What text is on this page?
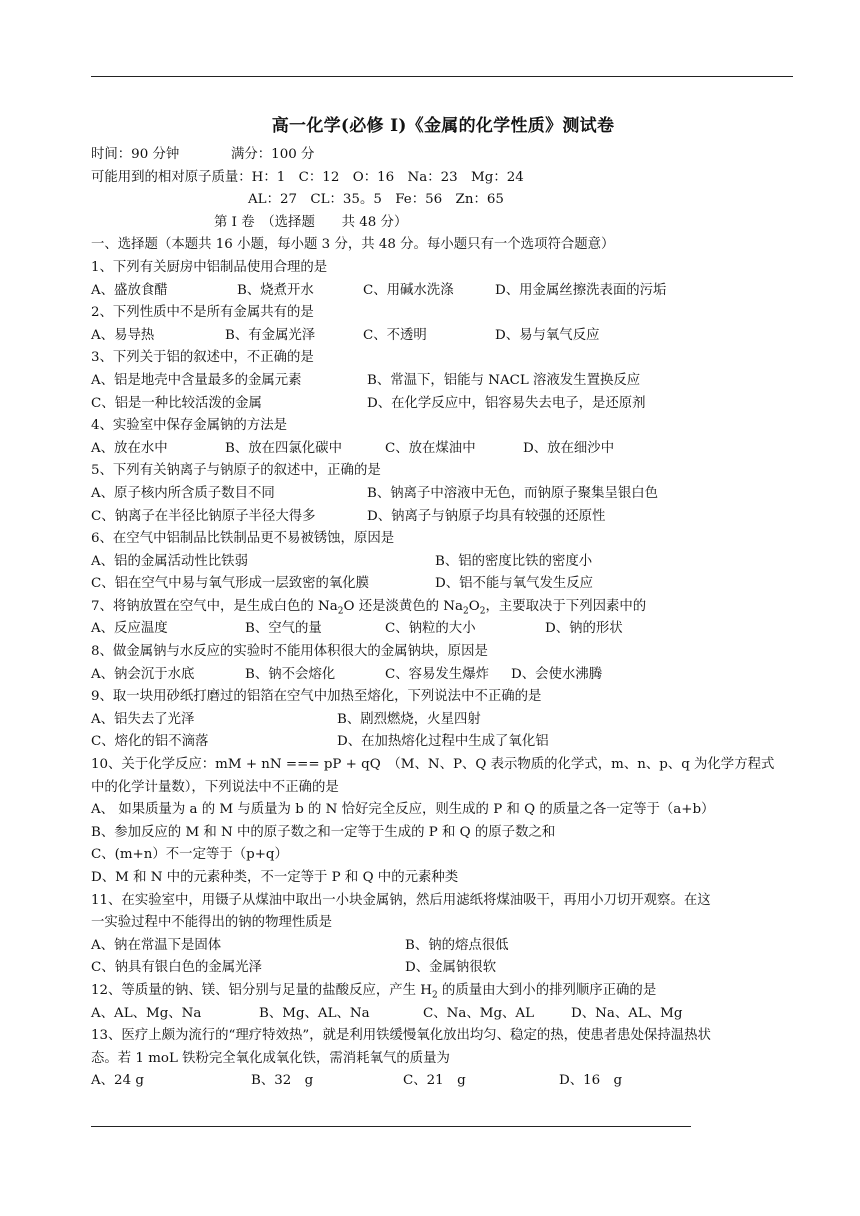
高一化学(必修 I)《金属的化学性质》测试卷
时间：90 分钟	满分：100 分
可能用到的相对原子质量：H：1　C：12　O：16　Na：23　Mg：24
AL：27　CL：35。5　Fe：56　Zn：65
第 I 卷　（选择题　　共 48 分）
一、选择题（本题共 16 小题，每小题 3 分，共 48 分。每小题只有一个选项符合题意）
1、下列有关厨房中铝制品使用合理的是
A、盛放食醋	B、烧煮开水	C、用碱水洗涤	D、用金属丝擦洗表面的污垢
2、下列性质中不是所有金属共有的是
A、易导热	B、有金属光泽	C、不透明	D、易与氧气反应
3、下列关于铝的叙述中，不正确的是
A、铝是地壳中含量最多的金属元素	B、常温下，铝能与 NACL 溶液发生置换反应
C、铝是一种比较活泼的金属	D、在化学反应中，铝容易失去电子，是还原剂
4、实验室中保存金属钠的方法是
A、放在水中	B、放在四氯化碳中	C、放在煤油中	D、放在细沙中
5、下列有关钠离子与钠原子的叙述中，正确的是
A、原子核内所含质子数目不同	B、钠离子中溶液中无色，而钠原子聚集呈银白色
C、钠离子在半径比钠原子半径大得多	D、钠离子与钠原子均具有较强的还原性
6、在空气中铝制品比铁制品更不易被锈蚀，原因是
A、铝的金属活动性比铁弱	B、铝的密度比铁的密度小
C、铝在空气中易与氧气形成一层致密的氧化膜	D、铝不能与氧气发生反应
7、将钠放置在空气中，是生成白色的 $Na_2O$ 还是淡黄色的 $Na_2O_2$，主要取决于下列因素中的
A、反应温度	B、空气的量	C、钠粒的大小	D、钠的形状
8、做金属钠与水反应的实验时不能用体积很大的金属钠块，原因是
A、钠会沉于水底	B、钠不会熔化	C、容易发生爆炸 D、会使水沸腾
9、取一块用砂纸打磨过的铝箔在空气中加热至熔化，下列说法中不正确的是
A、铝失去了光泽	B、剧烈燃烧，火星四射
C、熔化的铝不滴落	D、在加热熔化过程中生成了氧化铝
10、关于化学反应：mM + nN === pP + qQ　（M、N、P、Q 表示物质的化学式，m、n、p、q 为化学方程式
中的化学计量数），下列说法中不正确的是
A、 如果质量为 a 的 M 与质量为 b 的 N 恰好完全反应，则生成的 P 和 Q 的质量之各一定等于（a+b）
B、参加反应的 M 和 N 中的原子数之和一定等于生成的 P 和 Q 的原子数之和
C、(m+n）不一定等于（p+q）
D、M 和 N 中的元素种类，不一定等于 P 和 Q 中的元素种类
11、在实验室中，用镊子从煤油中取出一小块金属钠，然后用滤纸将煤油吸干，再用小刀切开观察。在这
一实验过程中不能得出的钠的物理性质是
A、钠在常温下是固体	B、钠的熔点很低
C、钠具有银白色的金属光泽	D、金属钠很软
12、等质量的钠、镁、铝分别与足量的盐酸反应，产生 $H_2$ 的质量由大到小的排列顺序正确的是
A、AL、Mg、Na	B、Mg、AL、Na	C、Na、Mg、AL	D、Na、AL、Mg
13、医疗上颇为流行的“理疗特效热”，就是利用铁缓慢氧化放出均匀、稳定的热，使患者患处保持温热状
态。若 1 moL 铁粉完全氧化成氧化铁，需消耗氧气的质量为
A、24 g	B、32　g	C、21　g	D、16　g
